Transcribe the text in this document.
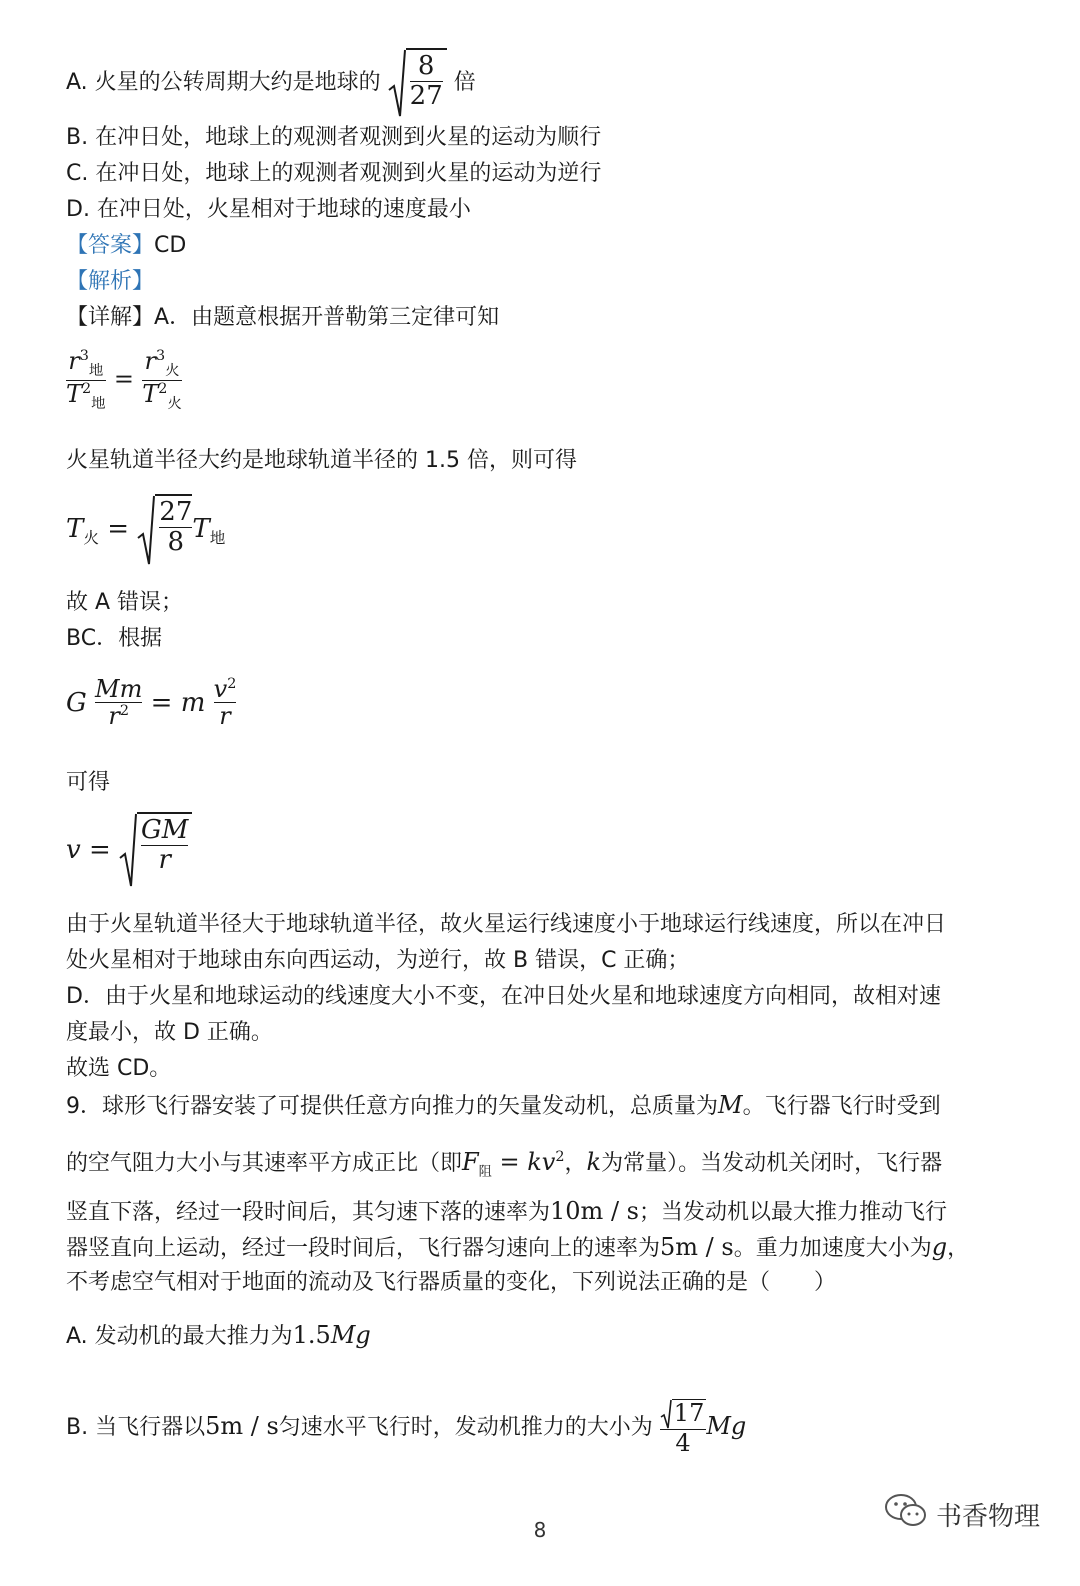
A. 火星的公转周期大约是地球的 $\frac{8}{27}$ 倍
B. 在冲日处，地球上的观测者观测到火星的运动为顺行
C. 在冲日处，地球上的观测者观测到火星的运动为逆行
D. 在冲日处，火星相对于地球的速度最小
【答案】CD
【解析】
【详解】A．由题意根据开普勒第三定律可知
$\frac{r^3_地}{T^2_地} = \frac{r^3_火}{T^2_火}$
火星轨道半径大约是地球轨道半径的 1.5 倍，则可得
$T_火 = \frac{27}{8} T_地$
故 A 错误；
BC．根据
G $\frac{Mm}{r^2} = m \frac{v^2}{r}$
可得
$v = \frac{GM}{r}$
由于火星轨道半径大于地球轨道半径，故火星运行线速度小于地球运行线速度，所以在冲日
处火星相对于地球由东向西运动，为逆行，故 B 错误，C 正确；
D．由于火星和地球运动的线速度大小不变，在冲日处火星和地球速度方向相同，故相对速
度最小，故 D 正确。
故选 CD。
9．球形飞行器安装了可提供任意方向推力的矢量发动机，总质量为M。飞行器飞行时受到
的空气阻力大小与其速率平方成正比（即$F_阻 = kv^2$，k为常量）。当发动机关闭时，飞行器
竖直下落，经过一段时间后，其匀速下落的速率为10m / s；当发动机以最大推力推动飞行
器竖直向上运动，经过一段时间后，飞行器匀速向上的速率为5m / s。重力加速度大小为g，
不考虑空气相对于地面的流动及飞行器质量的变化，下列说法正确的是（　　）
A. 发动机的最大推力为1.5Mg
B. 当飞行器以5m / s匀速水平飞行时，发动机推力的大小为 $\frac{17}{4}$ Mg
8	书香物理
